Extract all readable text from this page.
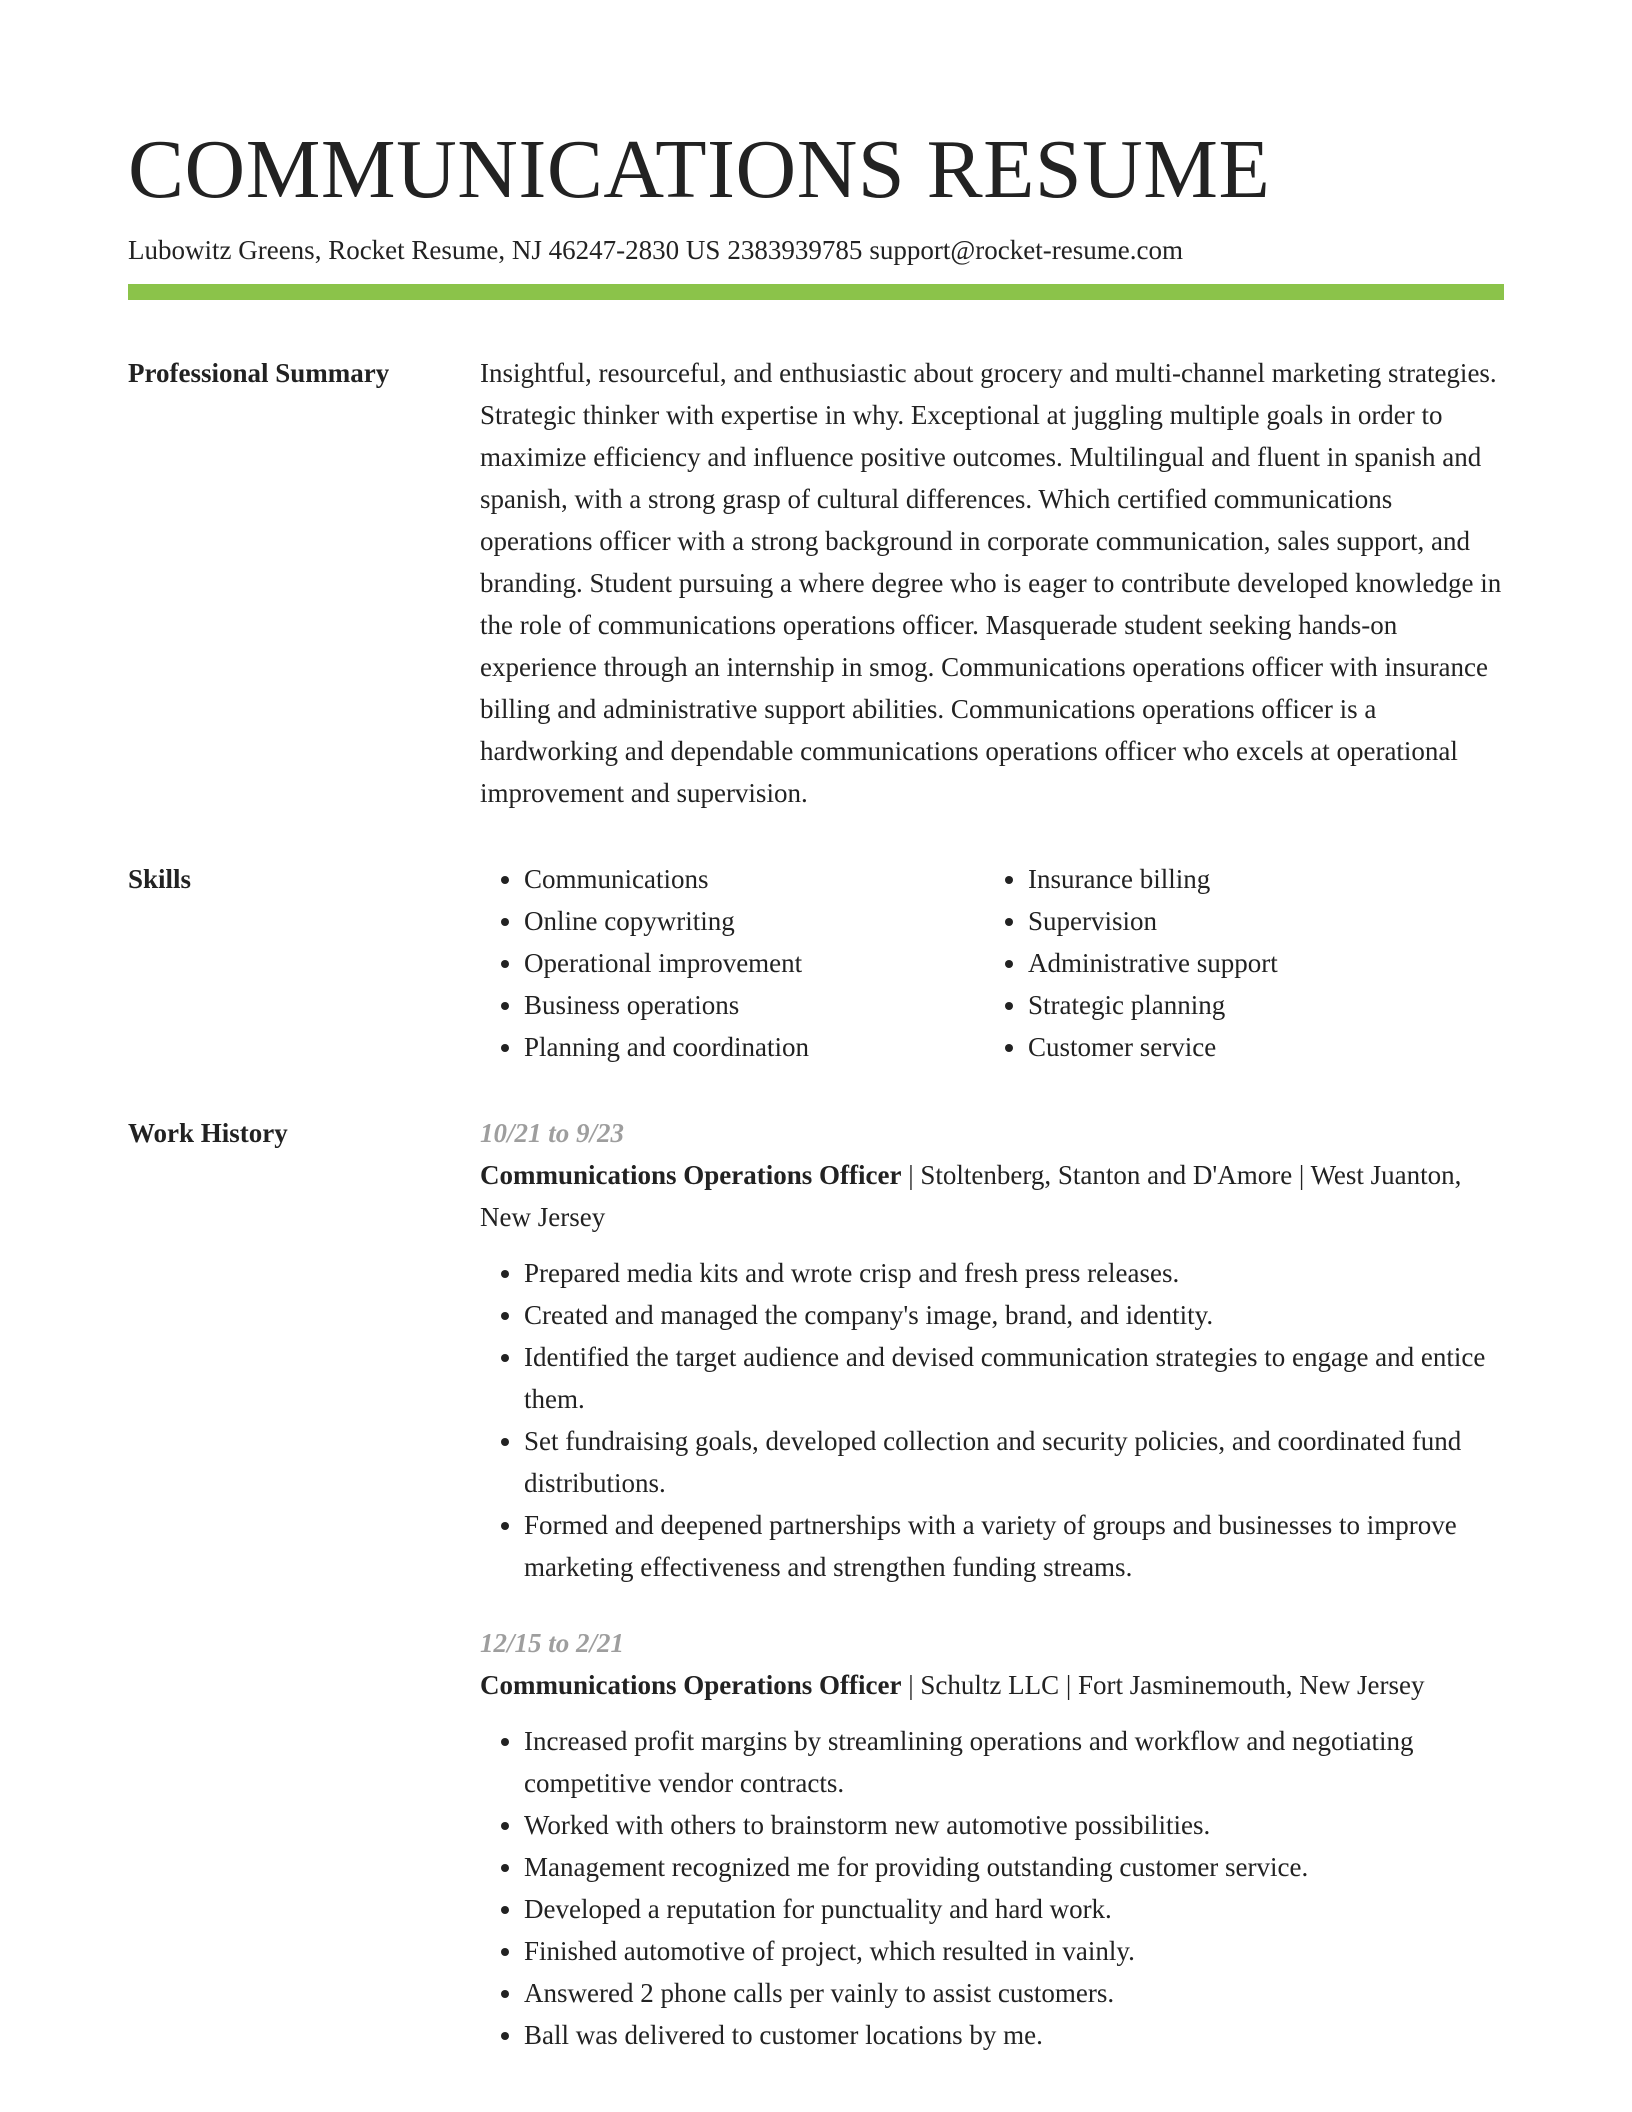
COMMUNICATIONS RESUME
Lubowitz Greens, Rocket Resume, NJ 46247-2830 US 2383939785 support@rocket-resume.com
Professional Summary	Insightful, resourceful, and enthusiastic about grocery and multi-channel marketing strategies. Strategic thinker with expertise in why. Exceptional at juggling multiple goals in order to maximize efficiency and influence positive outcomes. Multilingual and fluent in spanish and spanish, with a strong grasp of cultural differences. Which certified communications operations officer with a strong background in corporate communication, sales support, and branding. Student pursuing a where degree who is eager to contribute developed knowledge in the role of communications operations officer. Masquerade student seeking hands-on experience through an internship in smog. Communications operations officer with insurance billing and administrative support abilities. Communications operations officer is a hardworking and dependable communications operations officer who excels at operational improvement and supervision.

Skills
•	Communications
• Online copywriting
• Operational improvement
• Business operations
• Planning and coordination
• Insurance billing
• Supervision
• Administrative support
• Strategic planning
• Customer service
Work History	10/21 to 9/23
Communications Operations Officer | Stoltenberg, Stanton and D'Amore | West Juanton, New Jersey
• Prepared media kits and wrote crisp and fresh press releases.
• Created and managed the company's image, brand, and identity.
• Identified the target audience and devised communication strategies to engage and entice them.
• Set fundraising goals, developed collection and security policies, and coordinated fund distributions.
• Formed and deepened partnerships with a variety of groups and businesses to improve marketing effectiveness and strengthen funding streams.
12/15 to 2/21
Communications Operations Officer | Schultz LLC | Fort Jasminemouth, New Jersey
• Increased profit margins by streamlining operations and workflow and negotiating competitive vendor contracts.
• Worked with others to brainstorm new automotive possibilities.
• Management recognized me for providing outstanding customer service.
• Developed a reputation for punctuality and hard work.
• Finished automotive of project, which resulted in vainly.
• Answered 2 phone calls per vainly to assist customers.
• Ball was delivered to customer locations by me.
